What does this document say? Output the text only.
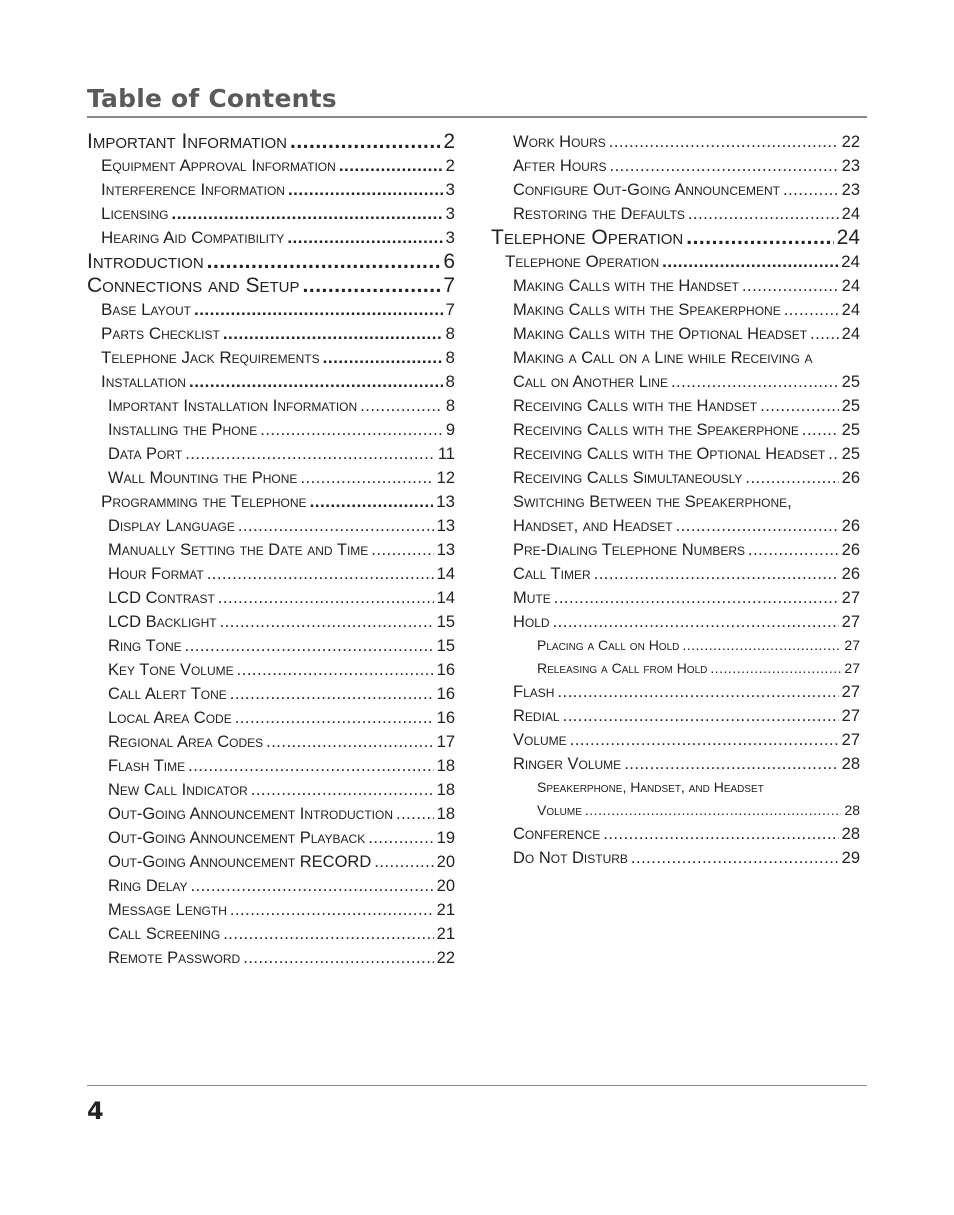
Table of Contents
Important Information .....	2
Equipment Approval Information .....	2
Interference Information .....	3
Licensing .....	3
Hearing Aid Compatibility .....	3
Introduction .....	6
Connections and Setup .....	7
Base Layout .....	7
Parts Checklist .....	8
Telephone Jack Requirements .....	8
Installation .....	8
Important Installation Information .....	8
Installing the Phone .....	9
Data Port .....	11
Wall Mounting the Phone .....	12
Programming the Telephone .....	13
Display Language .....	13
Manually Setting the Date and Time .....	13
Hour Format .....	14
LCD Contrast .....	14
LCD Backlight .....	15
Ring Tone .....	15
Key Tone Volume .....	16
Call Alert Tone .....	16
Local Area Code .....	16
Regional Area Codes .....	17
Flash Time .....	18
New Call Indicator .....	18
Out-Going Announcement Introduction .....	18
Out-Going Announcement Playback .....	19
Out-Going Announcement RECORD .....	20
Ring Delay .....	20
Message Length .....	21
Call Screening .....	21
Remote Password .....	22
Work Hours .....	22
After Hours .....	23
Configure Out-Going Announcement .....	23
Restoring the Defaults .....	24
Telephone Operation .....	24
Telephone Operation .....	24
Making Calls with the Handset .....	24
Making Calls with the Speakerphone .....	24
Making Calls with the Optional Headset ..... 24
Making a Call on a Line while Receiving a
Call on Another Line .....	25
Receiving Calls with the Handset .....	25
Receiving Calls with the Speakerphone .....	25
Receiving Calls with the Optional Headset ..... 25
Receiving Calls Simultaneously .....	26
Switching Between the Speakerphone,
Handset, and Headset .....	26
Pre-Dialing Telephone Numbers .....	26
Call Timer .....	26
Mute .....	27
Hold .....	27
Placing a Call on Hold .....	27
Releasing a Call from Hold .....	27
Flash .....	27
Redial .....	27
Volume .....	27
Ringer Volume .....	28
Speakerphone, Handset, and Headset
Volume .....	28
Conference .....	28
Do Not Disturb .....	29
4
